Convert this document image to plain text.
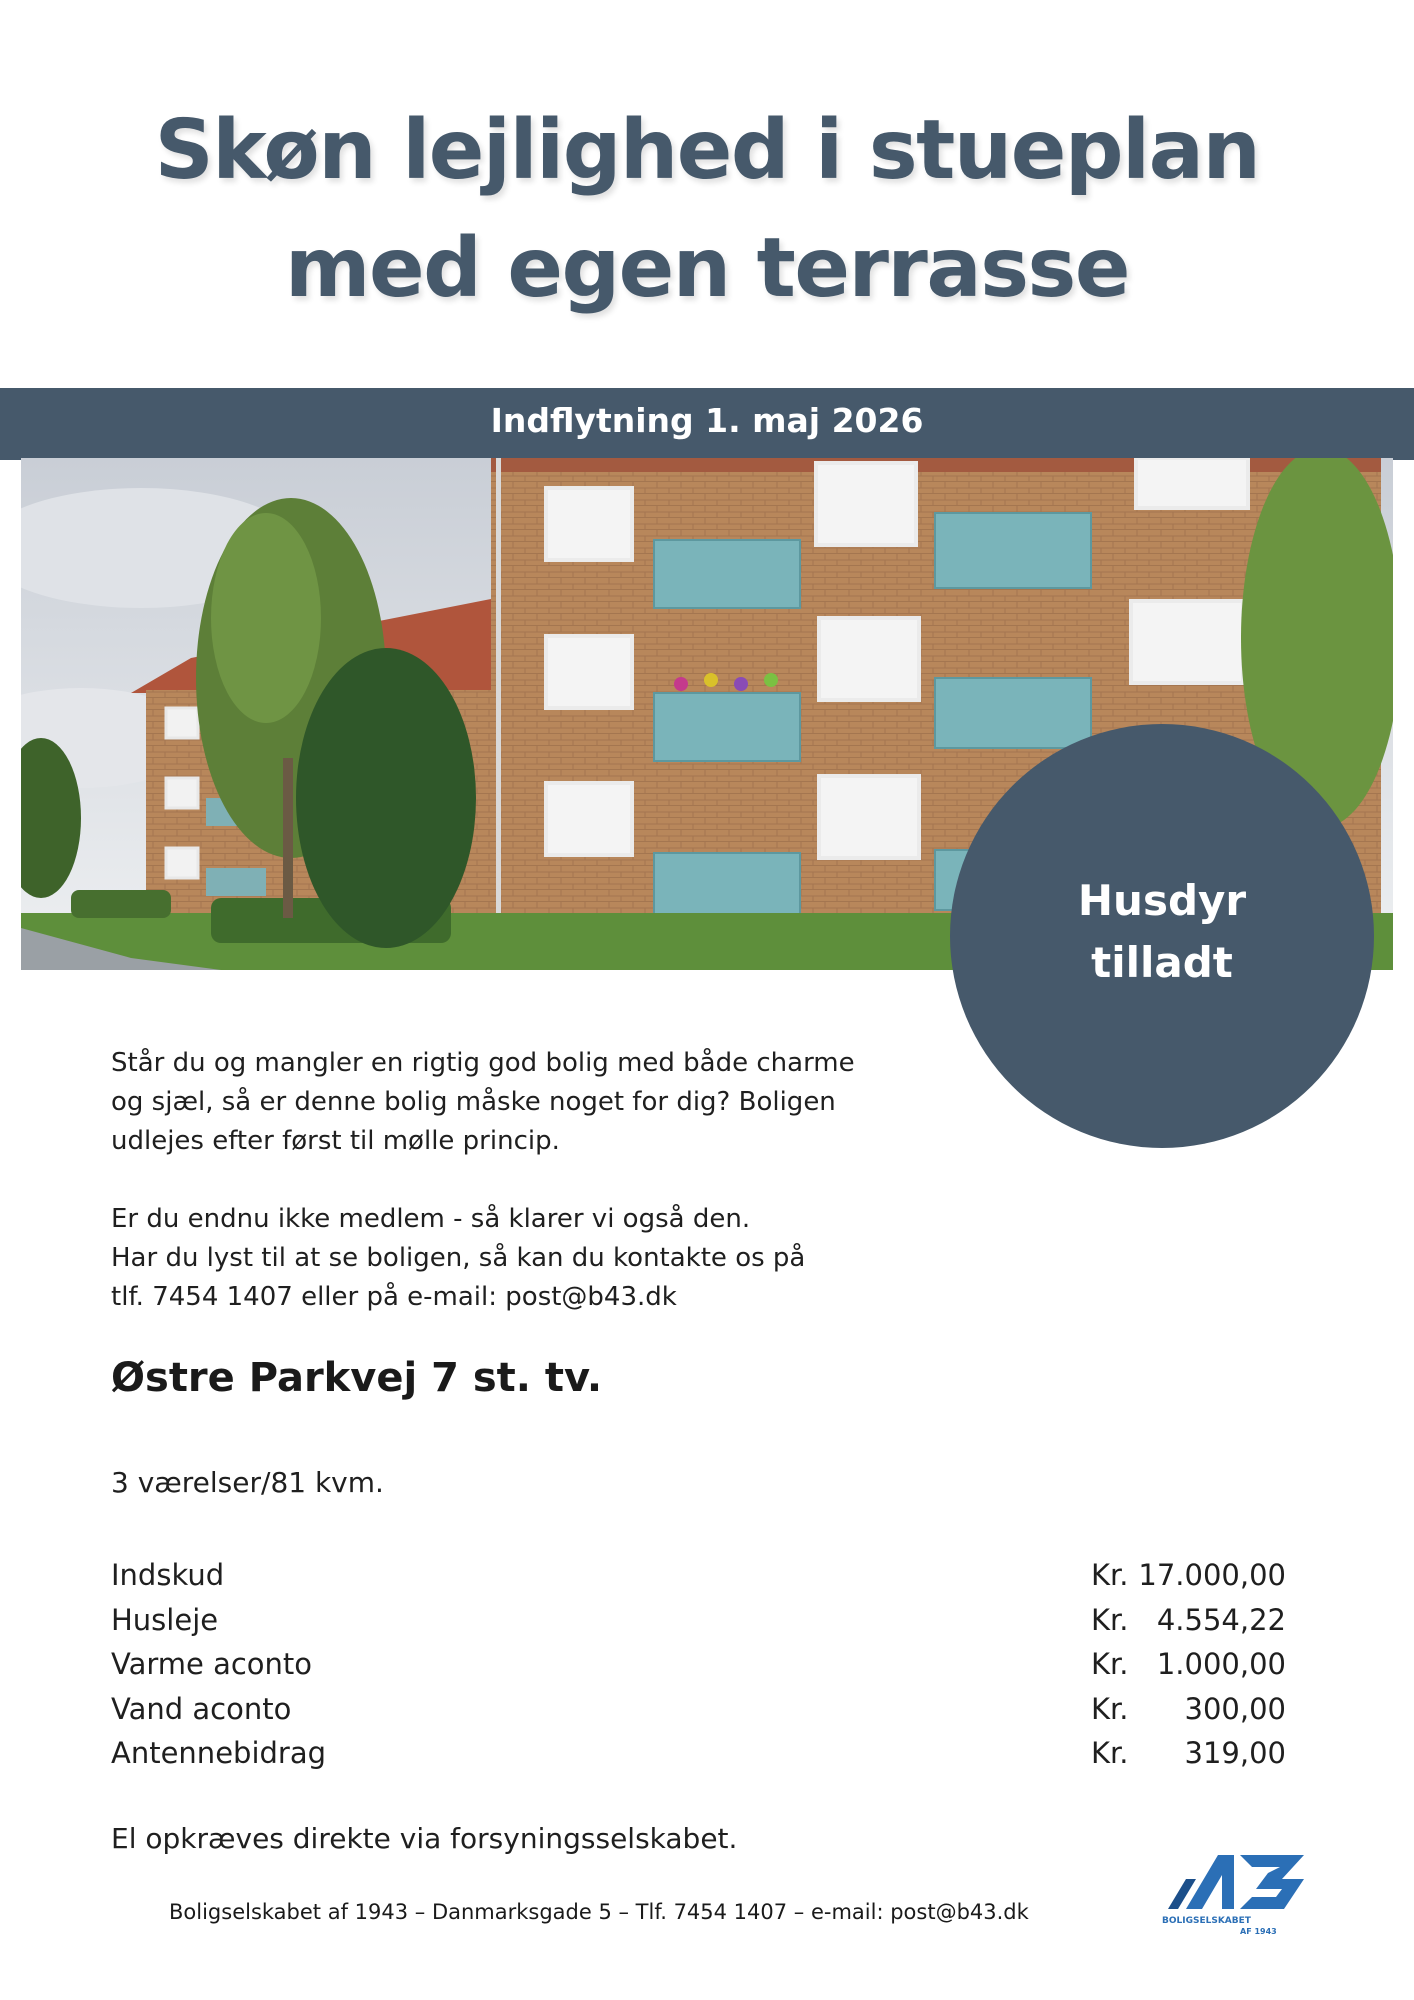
Skøn lejlighed i stueplan
med egen terrasse
Indflytning 1. maj 2026
Husdyr
tilladt
Står du og mangler en rigtig god bolig med både charme
og sjæl, så er denne bolig måske noget for dig? Boligen
udlejes efter først til mølle princip.
Er du endnu ikke medlem - så klarer vi også den.
Har du lyst til at se boligen, så kan du kontakte os på
tlf. 7454 1407 eller på e-mail: post@b43.dk
Østre Parkvej 7 st. tv.
3 værelser/81 kvm.
Indskud	Kr. 17.000,00
Husleje	Kr. 4.554,22
Varme aconto	Kr. 1.000,00
Vand aconto	Kr. 300,00
Antennebidrag	Kr. 319,00
El opkræves direkte via forsyningsselskabet.
Boligselskabet af 1943 – Danmarksgade 5 – Tlf. 7454 1407 – e-mail: post@b43.dk	BOLIGSELSKABET
AF 1943
